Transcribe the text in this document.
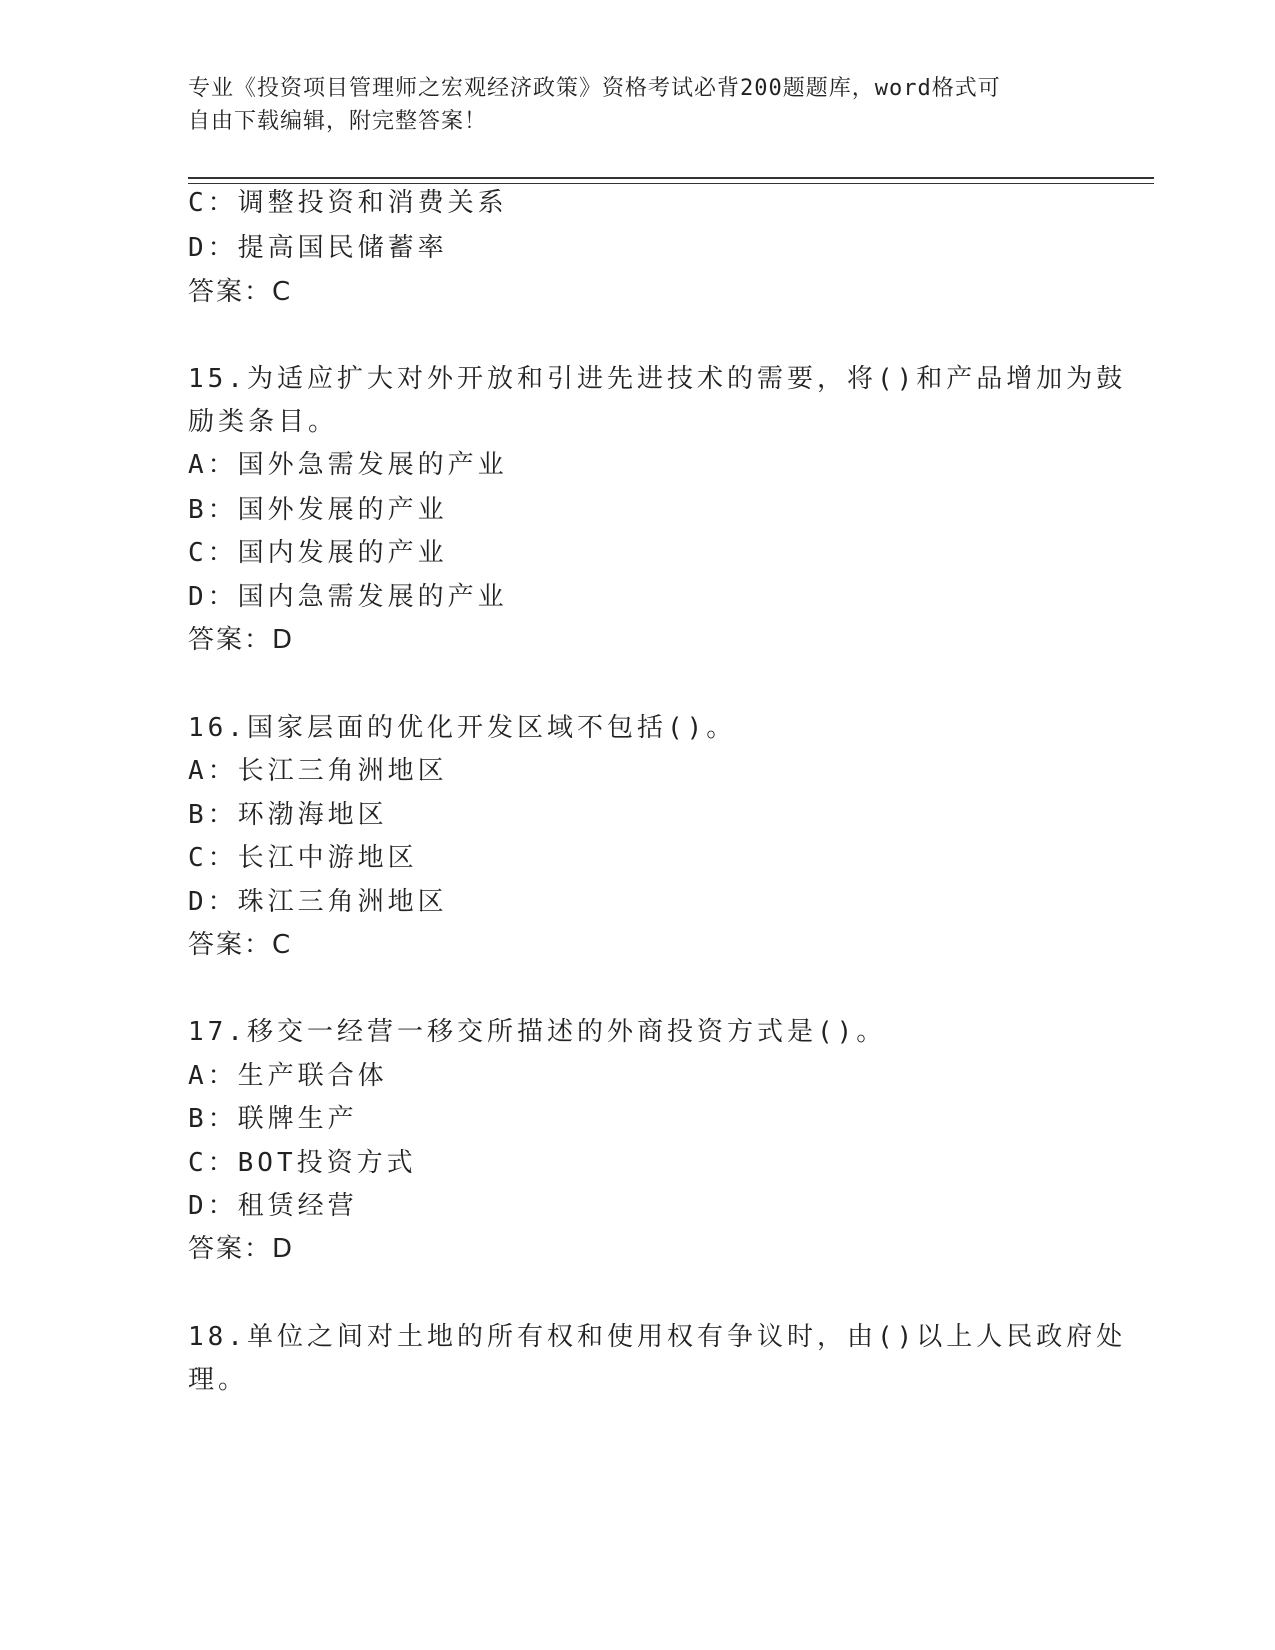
专业《投资项目管理师之宏观经济政策》资格考试必背200题题库，word格式可
自由下载编辑，附完整答案！
C：调整投资和消费关系
D：提高国民储蓄率
答案：C
15.为适应扩大对外开放和引进先进技术的需要，将()和产品增加为鼓
励类条目。
A：国外急需发展的产业
B：国外发展的产业
C：国内发展的产业
D：国内急需发展的产业
答案：D
16.国家层面的优化开发区域不包括()。
A：长江三角洲地区
B：环渤海地区
C：长江中游地区
D：珠江三角洲地区
答案：C
17.移交一经营一移交所描述的外商投资方式是()。
A：生产联合体
B：联牌生产
C：BOT投资方式
D：租赁经营
答案：D
18.单位之间对土地的所有权和使用权有争议时，由()以上人民政府处
理。
